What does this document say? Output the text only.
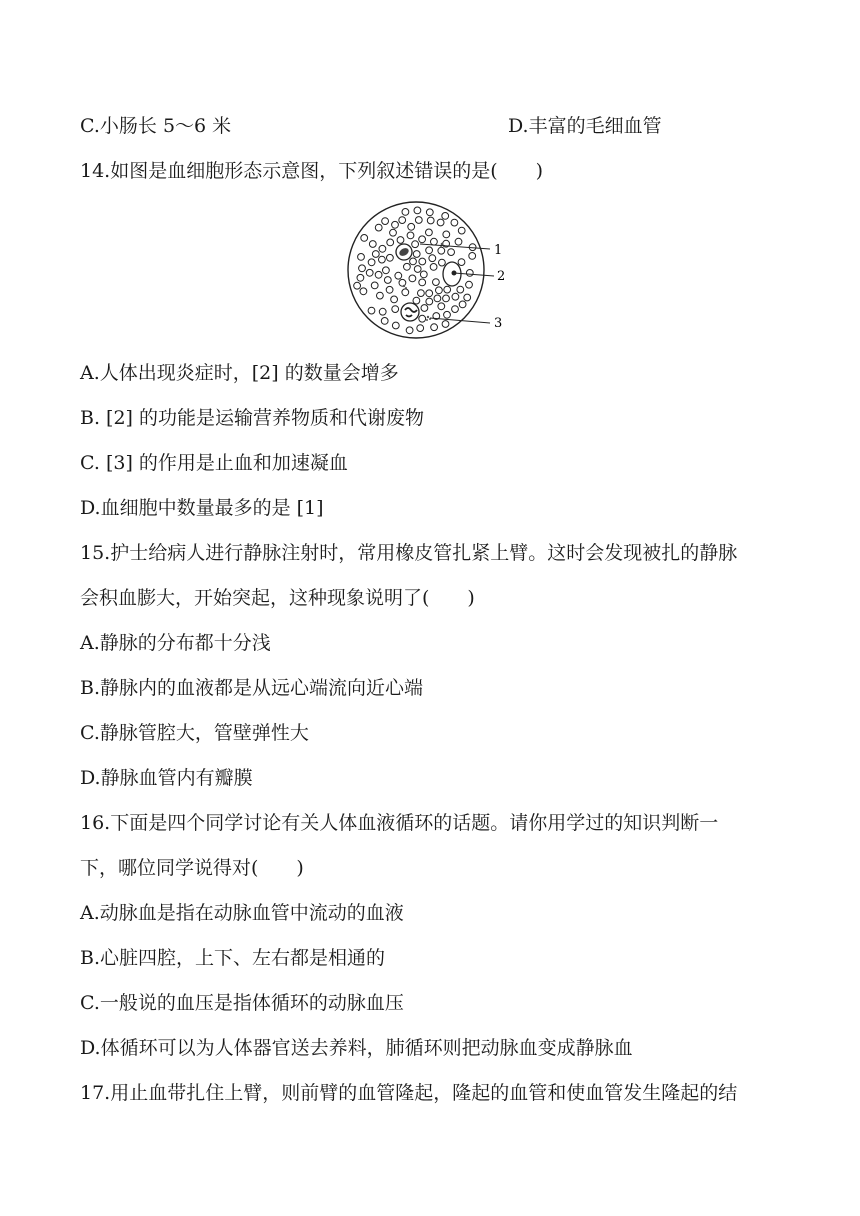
C.小肠长 5～6 米	D.丰富的毛细血管
14.如图是血细胞形态示意图，下列叙述错误的是(　　)
1
2
3
A.人体出现炎症时，[2] 的数量会增多
B. [2] 的功能是运输营养物质和代谢废物
C. [3] 的作用是止血和加速凝血
D.血细胞中数量最多的是 [1]
15.护士给病人进行静脉注射时，常用橡皮管扎紧上臂。这时会发现被扎的静脉
会积血膨大，开始突起，这种现象说明了(　　)
A.静脉的分布都十分浅
B.静脉内的血液都是从远心端流向近心端
C.静脉管腔大，管壁弹性大
D.静脉血管内有瓣膜
16.下面是四个同学讨论有关人体血液循环的话题。请你用学过的知识判断一
下，哪位同学说得对(　　)
A.动脉血是指在动脉血管中流动的血液
B.心脏四腔，上下、左右都是相通的
C.一般说的血压是指体循环的动脉血压
D.体循环可以为人体器官送去养料，肺循环则把动脉血变成静脉血
17.用止血带扎住上臂，则前臂的血管隆起，隆起的血管和使血管发生隆起的结
